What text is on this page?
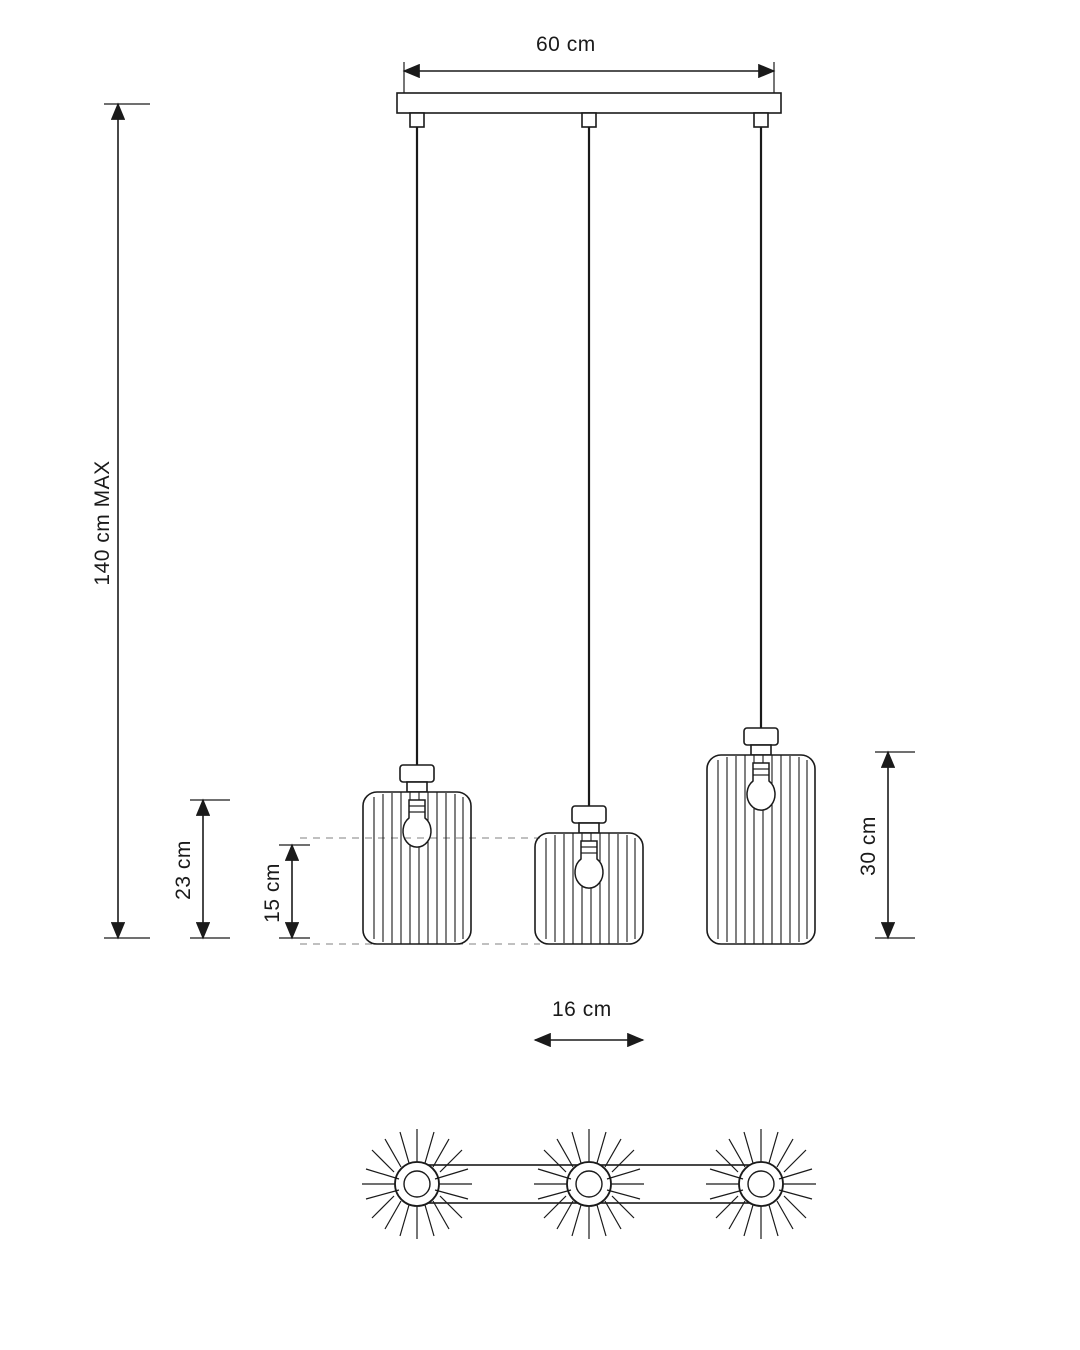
60 cm
140 cm MAX
23 cm	15 cm
30 cm
16 cm
